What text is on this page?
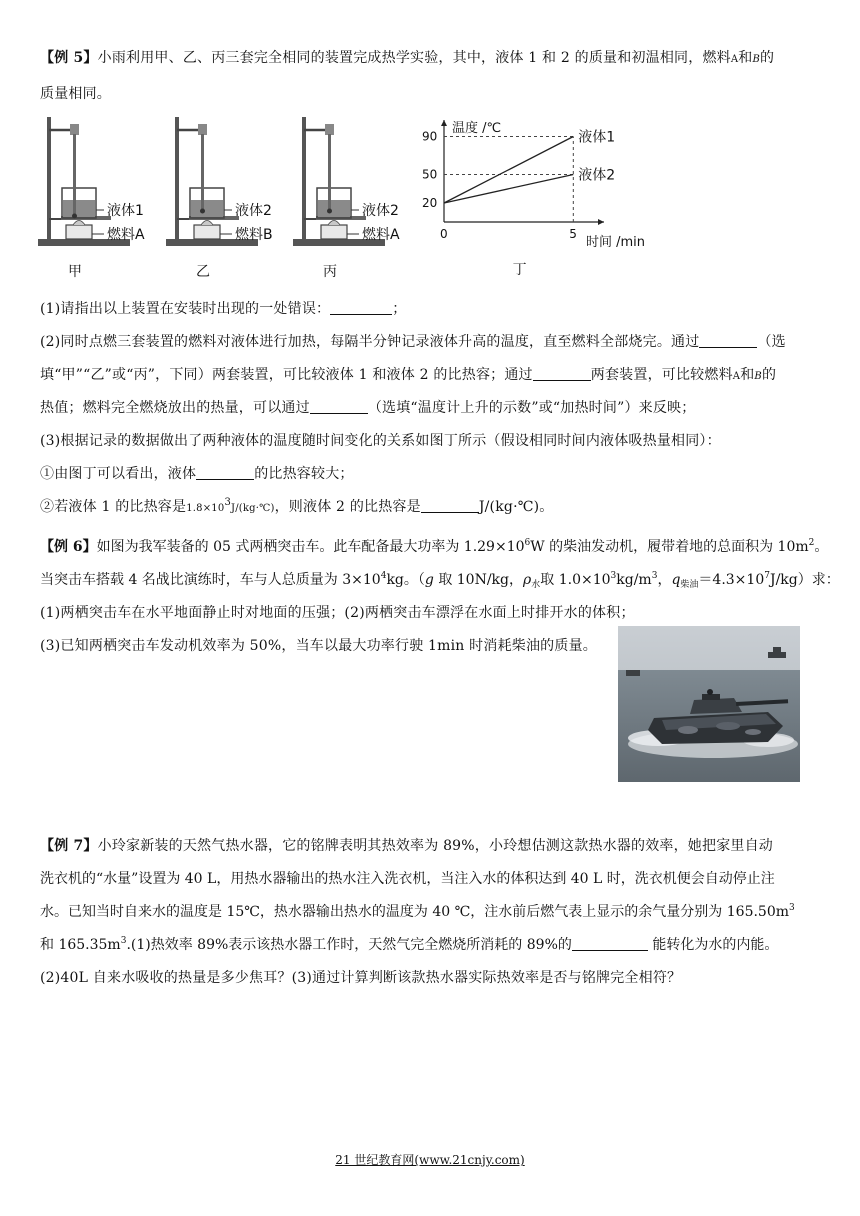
【例 5】小雨利用甲、乙、丙三套完全相同的装置完成热学实验，其中，液体 1 和 2 的质量和初温相同，燃料A和B的
质量相同。
液体1
燃料A
甲
液体2
燃料B
乙
液体2
燃料A
丙
温度 /℃
时间 /min
丁
0	5
20
50
90	液体1
液体2
(1)请指出以上装置在安装时出现的一处错误：	；
(2)同时点燃三套装置的燃料对液体进行加热，每隔半分钟记录液体升高的温度，直至燃料全部烧完。通过	（选
填“甲”“乙”或“丙”，下同）两套装置，可比较液体 1 和液体 2 的比热容；通过	两套装置，可比较燃料A和B的
热值；燃料完全燃烧放出的热量，可以通过	（选填“温度计上升的示数”或“加热时间”）来反映；
(3)根据记录的数据做出了两种液体的温度随时间变化的关系如图丁所示（假设相同时间内液体吸热量相同）：
①由图丁可以看出，液体	的比热容较大；
②若液体 1 的比热容是$1.8\times 10^3J/(kg\cdot℃)$，则液体 2 的比热容是	J/(kg·℃)。
【例 6】如图为我军装备的 05 式两栖突击车。此车配备最大功率为 $1.29\times 10^6W$ 的柴油发动机，履带着地的总面积为 $10m^2$。
当突击车搭载 4 名战比演练时，车与人总质量为 $3\times 10^4kg$。（g 取 10N/kg，$\rho_水$取 $1.0\times 10^3kg/m^3$，$q_{柴油}=4.3\times 10^7J/kg$）求：
(1)两栖突击车在水平地面静止时对地面的压强；(2)两栖突击车漂浮在水面上时排开水的体积；
(3)已知两栖突击车发动机效率为 50%，当车以最大功率行驶 1min 时消耗柴油的质量。
【例 7】小玲家新装的天然气热水器，它的铭牌表明其热效率为 89%，小玲想估测这款热水器的效率，她把家里自动
洗衣机的“水量”设置为 40 L，用热水器输出的热水注入洗衣机，当注入水的体积达到 40 L 时，洗衣机便会自动停止注
水。已知当时自来水的温度是 15℃，热水器输出热水的温度为 40 ℃，注水前后燃气表上显示的余气量分别为 $165.50m^3$
和 $165.35m^3.(1)$热效率 89%表示该热水器工作时，天然气完全燃烧所消耗的 89%的	能转化为水的内能。
(2)40L 自来水吸收的热量是多少焦耳？(3)通过计算判断该款热水器实际热效率是否与铭牌完全相符？
21 世纪教育网(www.21cnjy.com)
